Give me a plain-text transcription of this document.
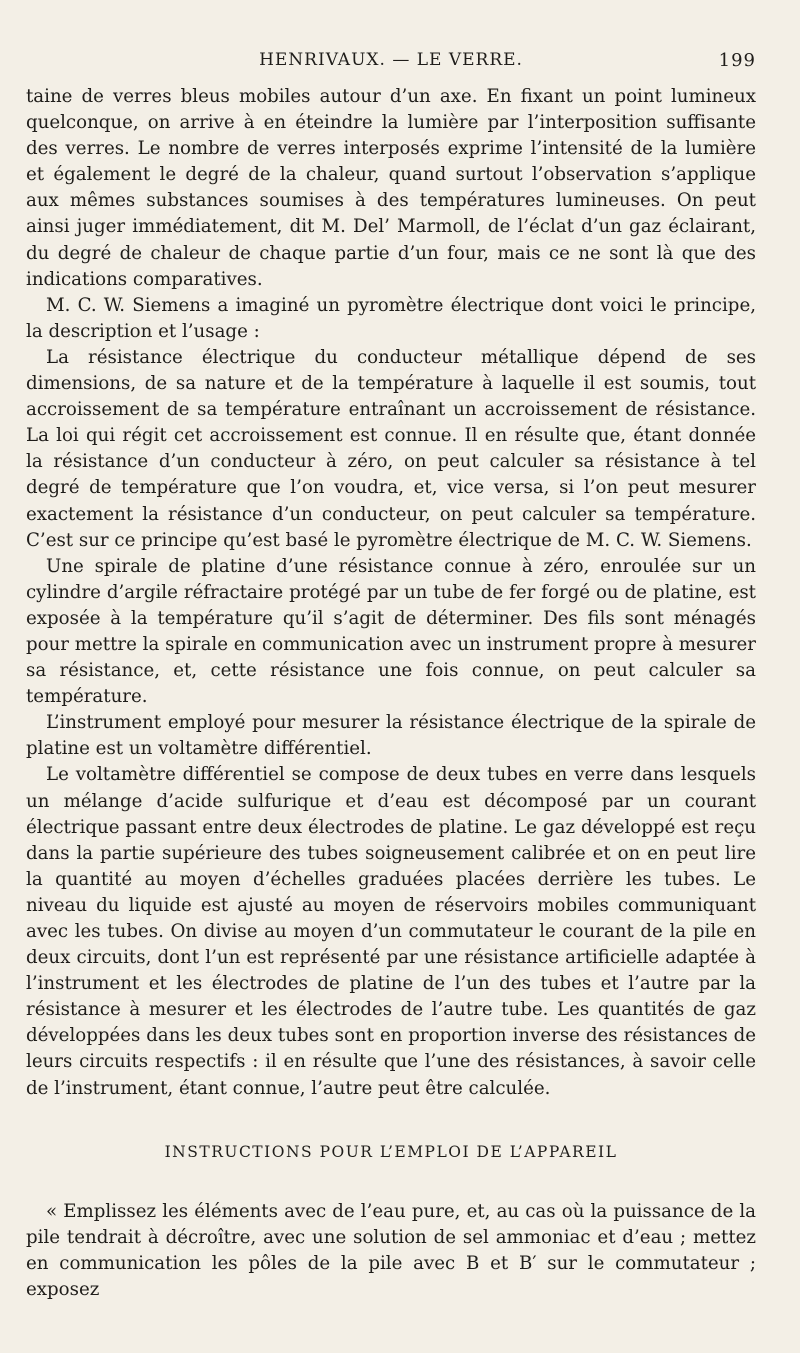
HENRIVAUX. — LE VERRE.	199

taine de verres bleus mobiles autour d’un axe. En fixant un point lumineux quelconque, on arrive à en éteindre la lumière par l’interposition suffisante des verres. Le nombre de verres interposés exprime l’intensité de la lumière et également le degré de la chaleur, quand surtout l’observation s’applique aux mêmes substances soumises à des températures lumineuses. On peut ainsi juger immédiatement, dit M. Del’ Marmoll, de l’éclat d’un gaz éclairant, du degré de chaleur de chaque partie d’un four, mais ce ne sont là que des indications comparatives.

M. C. W. Siemens a imaginé un pyromètre électrique dont voici le principe, la description et l’usage :

La résistance électrique du conducteur métallique dépend de ses dimensions, de sa nature et de la température à laquelle il est soumis, tout accroissement de sa température entraînant un accroissement de résistance. La loi qui régit cet accroissement est connue. Il en résulte que, étant donnée la résistance d’un conducteur à zéro, on peut calculer sa résistance à tel degré de température que l’on voudra, et, vice versa, si l’on peut mesurer exactement la résistance d’un conducteur, on peut calculer sa température. C’est sur ce principe qu’est basé le pyromètre électrique de M. C. W. Siemens.

Une spirale de platine d’une résistance connue à zéro, enroulée sur un cylindre d’argile réfractaire protégé par un tube de fer forgé ou de platine, est exposée à la température qu’il s’agit de déterminer. Des fils sont ménagés pour mettre la spirale en communication avec un instrument propre à mesurer sa résistance, et, cette résistance une fois connue, on peut calculer sa température.

L’instrument employé pour mesurer la résistance électrique de la spirale de platine est un voltamètre différentiel.

Le voltamètre différentiel se compose de deux tubes en verre dans lesquels un mélange d’acide sulfurique et d’eau est décomposé par un courant électrique passant entre deux électrodes de platine. Le gaz développé est reçu dans la partie supérieure des tubes soigneusement calibrée et on en peut lire la quantité au moyen d’échelles graduées placées derrière les tubes. Le niveau du liquide est ajusté au moyen de réservoirs mobiles communiquant avec les tubes. On divise au moyen d’un commutateur le courant de la pile en deux circuits, dont l’un est représenté par une résistance artificielle adaptée à l’instrument et les électrodes de platine de l’un des tubes et l’autre par la résistance à mesurer et les électrodes de l’autre tube. Les quantités de gaz développées dans les deux tubes sont en proportion inverse des résistances de leurs circuits respectifs : il en résulte que l’une des résistances, à savoir celle de l’instrument, étant connue, l’autre peut être calculée.

INSTRUCTIONS POUR L’EMPLOI DE L’APPAREIL

« Emplissez les éléments avec de l’eau pure, et, au cas où la puissance de la pile tendrait à décroître, avec une solution de sel ammoniac et d’eau ; mettez en communication les pôles de la pile avec B et B′ sur le commutateur ; exposez
